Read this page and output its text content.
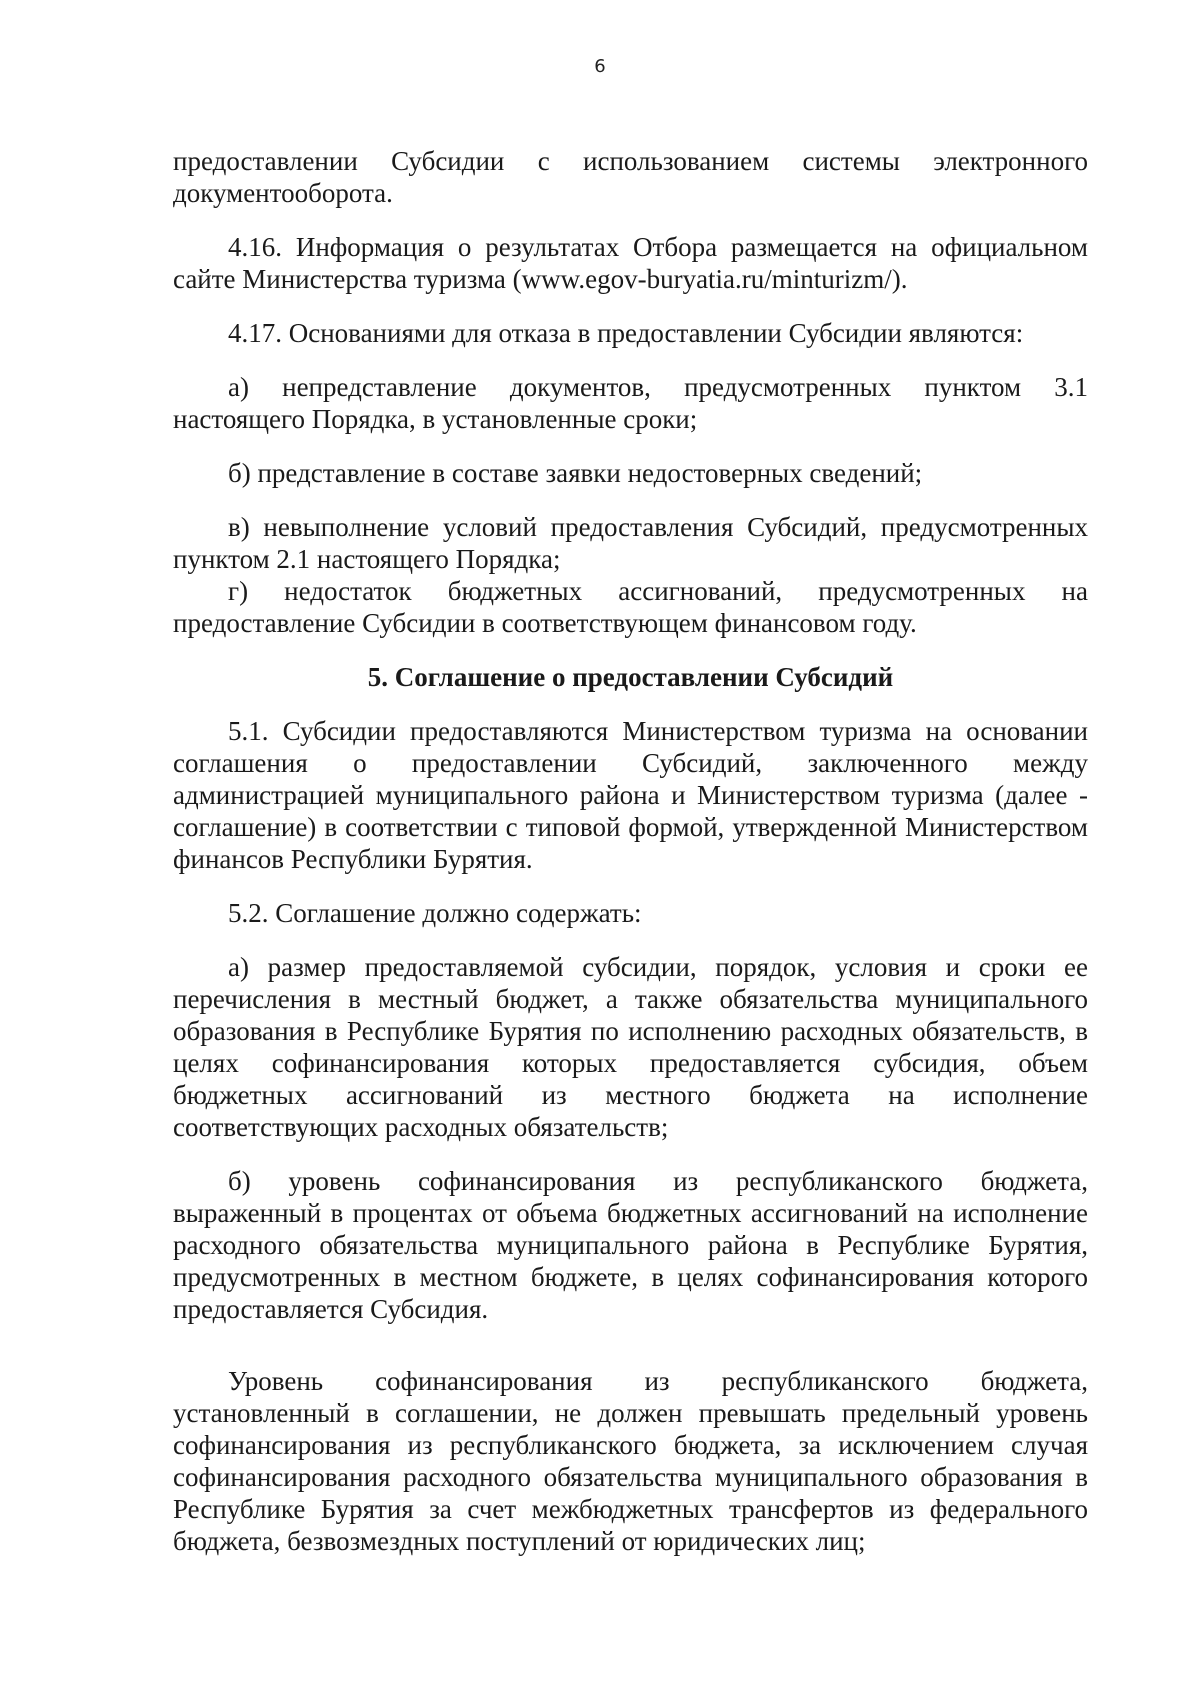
6

предоставлении Субсидии с использованием системы электронного документооборота.

4.16. Информация о результатах Отбора размещается на официальном сайте Министерства туризма (www.egov-buryatia.ru/minturizm/).

4.17. Основаниями для отказа в предоставлении Субсидии являются:

а) непредставление документов, предусмотренных пунктом 3.1 настоящего Порядка, в установленные сроки;

б) представление в составе заявки недостоверных сведений;

в) невыполнение условий предоставления Субсидий, предусмотренных пунктом 2.1 настоящего Порядка;

г) недостаток бюджетных ассигнований, предусмотренных на предоставление Субсидии в соответствующем финансовом году.

5. Соглашение о предоставлении Субсидий

5.1. Субсидии предоставляются Министерством туризма на основании соглашения о предоставлении Субсидий, заключенного между администрацией муниципального района и Министерством туризма (далее - соглашение) в соответствии с типовой формой, утвержденной Министерством финансов Республики Бурятия.

5.2. Соглашение должно содержать:

а) размер предоставляемой субсидии, порядок, условия и сроки ее перечисления в местный бюджет, а также обязательства муниципального образования в Республике Бурятия по исполнению расходных обязательств, в целях софинансирования которых предоставляется субсидия, объем бюджетных ассигнований из местного бюджета на исполнение соответствующих расходных обязательств;

б) уровень софинансирования из республиканского бюджета, выраженный в процентах от объема бюджетных ассигнований на исполнение расходного обязательства муниципального района в Республике Бурятия, предусмотренных в местном бюджете, в целях софинансирования которого предоставляется Субсидия.

Уровень софинансирования из республиканского бюджета, установленный в соглашении, не должен превышать предельный уровень софинансирования из республиканского бюджета, за исключением случая софинансирования расходного обязательства муниципального образования в Республике Бурятия за счет межбюджетных трансфертов из федерального бюджета, безвозмездных поступлений от юридических лиц;
